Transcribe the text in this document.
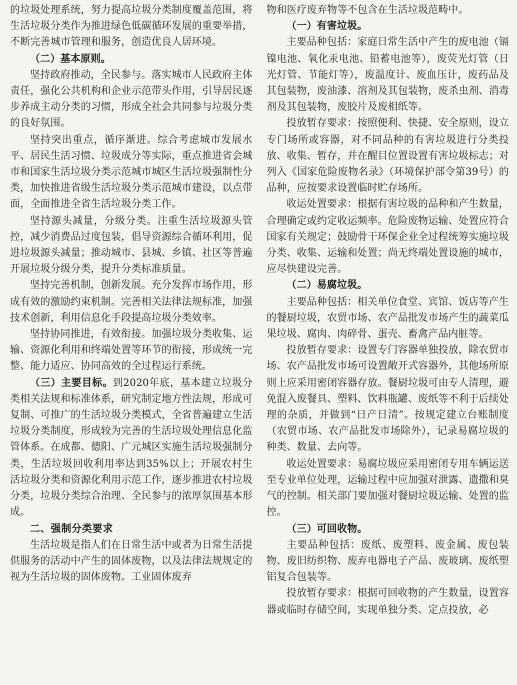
的垃圾处理系统，努力提高垃圾分类制度覆盖范围，将生活垃圾分类作为推进绿色低碳循环发展的重要举措，不断完善城市管理和服务，创造优良人居环境。

（二）基本原则。

坚持政府推动，全民参与。落实城市人民政府主体责任，强化公共机构和企业示范带头作用，引导居民逐步养成主动分类的习惯，形成全社会共同参与垃圾分类的良好氛围。

坚持突出重点，循序渐进。综合考虑城市发展水平、居民生活习惯、垃圾成分等实际，重点推进省会城市和国家生活垃圾分类示范城市城区生活垃圾强制性分类，加快推进省级生活垃圾分类示范城市建设，以点带面，全面推进全省生活垃圾分类工作。

坚持源头减量，分级分类。注重生活垃圾源头管控，减少消费品过度包装，倡导资源综合循环利用，促进垃圾源头减量；推动城市、县城、乡镇、社区等普遍开展垃圾分级分类，提升分类标准质量。

坚持完善机制，创新发展。充分发挥市场作用，形成有效的激励约束机制。完善相关法律法规标准，加强技术创新，利用信息化手段提高垃圾分类效率。

坚持协同推进，有效衔接。加强垃圾分类收集、运输、资源化利用和终端处置等环节的衔接，形成统一完整、能力适应、协同高效的全过程运行系统。

（三）主要目标。到2020年底，基本建立垃圾分类相关法规和标准体系，研究制定地方性法规，形成可复制、可推广的生活垃圾分类模式，全省普遍建立生活垃圾分类制度，形成较为完善的生活垃圾处理信息化监管体系。在成都、德阳、广元城区实施生活垃圾强制分类，生活垃圾回收利用率达到35%以上；开展农村生活垃圾分类和资源化利用示范工作，逐步推进农村垃圾分类，垃圾分类综合治理、全民参与的浓厚氛围基本形成。

二、强制分类要求

生活垃圾是指人们在日常生活中或者为日常生活提供服务的活动中产生的固体废物，以及法律法规规定的视为生活垃圾的固体废物。工业固体废弃

物和医疗废弃物等不包含在生活垃圾范畴中。

（一）有害垃圾。

主要品种包括：家庭日常生活中产生的废电池（镉镍电池、氧化汞电池、铅蓄电池等），废荧光灯管（日光灯管、节能灯等），废温度计、废血压计，废药品及其包装物，废油漆、溶剂及其包装物，废杀虫剂、消毒剂及其包装物，废胶片及废相纸等。

投放暂存要求：按照便利、快捷、安全原则，设立专门场所或容器，对不同品种的有害垃圾进行分类投放、收集、暂存，并在醒目位置设置有害垃圾标志；对列入《国家危险废物名录》（环境保护部令第39号）的品种，应按要求设置临时贮存场所。

收运处置要求：根据有害垃圾的品种和产生数量，合理确定或约定收运频率。危险废物运输、处置应符合国家有关规定；鼓励骨干环保企业全过程统筹实施垃圾分类、收集、运输和处置；尚无终端处置设施的城市，应尽快建设完善。

（二）易腐垃圾。

主要品种包括：相关单位食堂、宾馆、饭店等产生的餐厨垃圾，农贸市场、农产品批发市场产生的蔬菜瓜果垃圾、腐肉、肉碎骨、蛋壳、畜禽产品内脏等。

投放暂存要求：设置专门容器单独投放，除农贸市场、农产品批发市场可设置敞开式容器外，其他场所原则上应采用密闭容器存放。餐厨垃圾可由专人清理，避免混入废餐具、塑料、饮料瓶罐、废纸等不利于后续处理的杂质，并做到“日产日清”。按规定建立台账制度（农贸市场、农产品批发市场除外），记录易腐垃圾的种类、数量、去向等。

收运处置要求：易腐垃圾应采用密闭专用车辆运送至专业单位处理，运输过程中应加强对泄露、遗撒和臭气的控制。相关部门要加强对餐厨垃圾运输、处置的监控。

（三）可回收物。

主要品种包括：废纸、废塑料、废金属、废包装物、废旧纺织物、废弃电器电子产品、废玻璃、废纸塑铝复合包装等。

投放暂存要求：根据可回收物的产生数量，设置容器或临时存储空间，实现单独分类、定点投放，必
